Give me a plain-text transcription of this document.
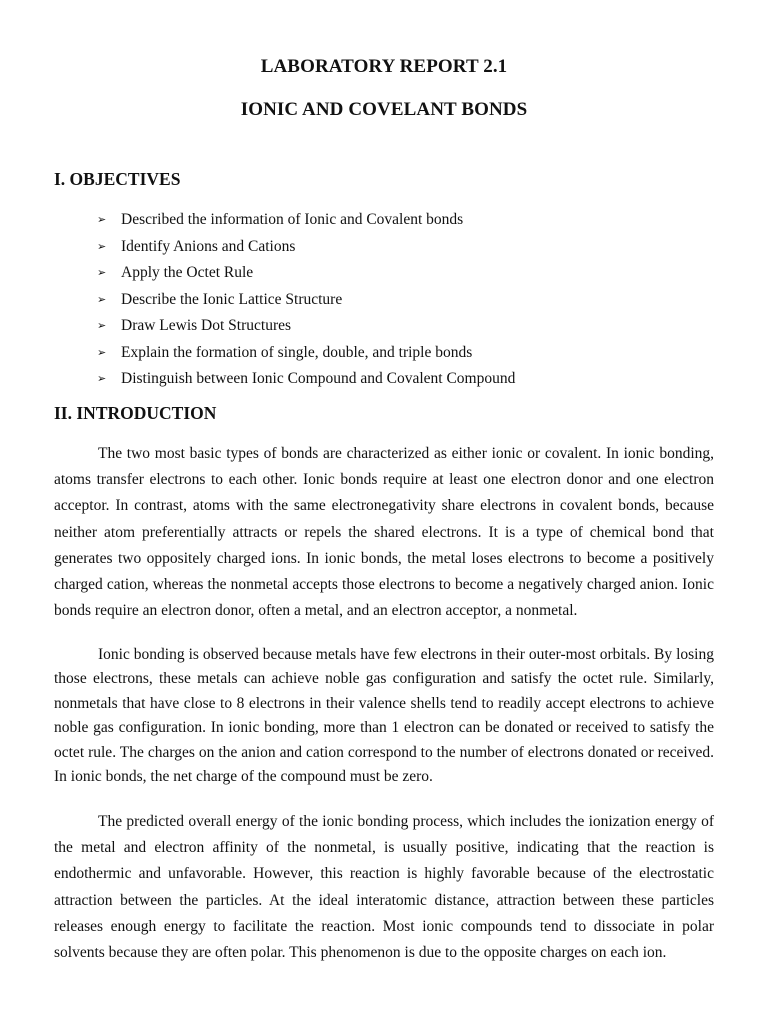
LABORATORY REPORT 2.1
IONIC AND COVELANT BONDS
I. OBJECTIVES
➢ Described the information of Ionic and Covalent bonds
➢ Identify Anions and Cations
➢ Apply the Octet Rule
➢ Describe the Ionic Lattice Structure
➢ Draw Lewis Dot Structures
➢ Explain the formation of single, double, and triple bonds
➢ Distinguish between Ionic Compound and Covalent Compound
II. INTRODUCTION

The two most basic types of bonds are characterized as either ionic or covalent. In ionic bonding, atoms transfer electrons to each other. Ionic bonds require at least one electron donor and one electron acceptor. In contrast, atoms with the same electronegativity share electrons in covalent bonds, because neither atom preferentially attracts or repels the shared electrons. It is a type of chemical bond that generates two oppositely charged ions. In ionic bonds, the metal loses electrons to become a positively charged cation, whereas the nonmetal accepts those electrons to become a negatively charged anion. Ionic bonds require an electron donor, often a metal, and an electron acceptor, a nonmetal.

Ionic bonding is observed because metals have few electrons in their outer-most orbitals. By losing those electrons, these metals can achieve noble gas configuration and satisfy the octet rule. Similarly, nonmetals that have close to 8 electrons in their valence shells tend to readily accept electrons to achieve noble gas configuration. In ionic bonding, more than 1 electron can be donated or received to satisfy the octet rule. The charges on the anion and cation correspond to the number of electrons donated or received. In ionic bonds, the net charge of the compound must be zero.

The predicted overall energy of the ionic bonding process, which includes the ionization energy of the metal and electron affinity of the nonmetal, is usually positive, indicating that the reaction is endothermic and unfavorable. However, this reaction is highly favorable because of the electrostatic attraction between the particles. At the ideal interatomic distance, attraction between these particles releases enough energy to facilitate the reaction. Most ionic compounds tend to dissociate in polar solvents because they are often polar. This phenomenon is due to the opposite charges on each ion.
